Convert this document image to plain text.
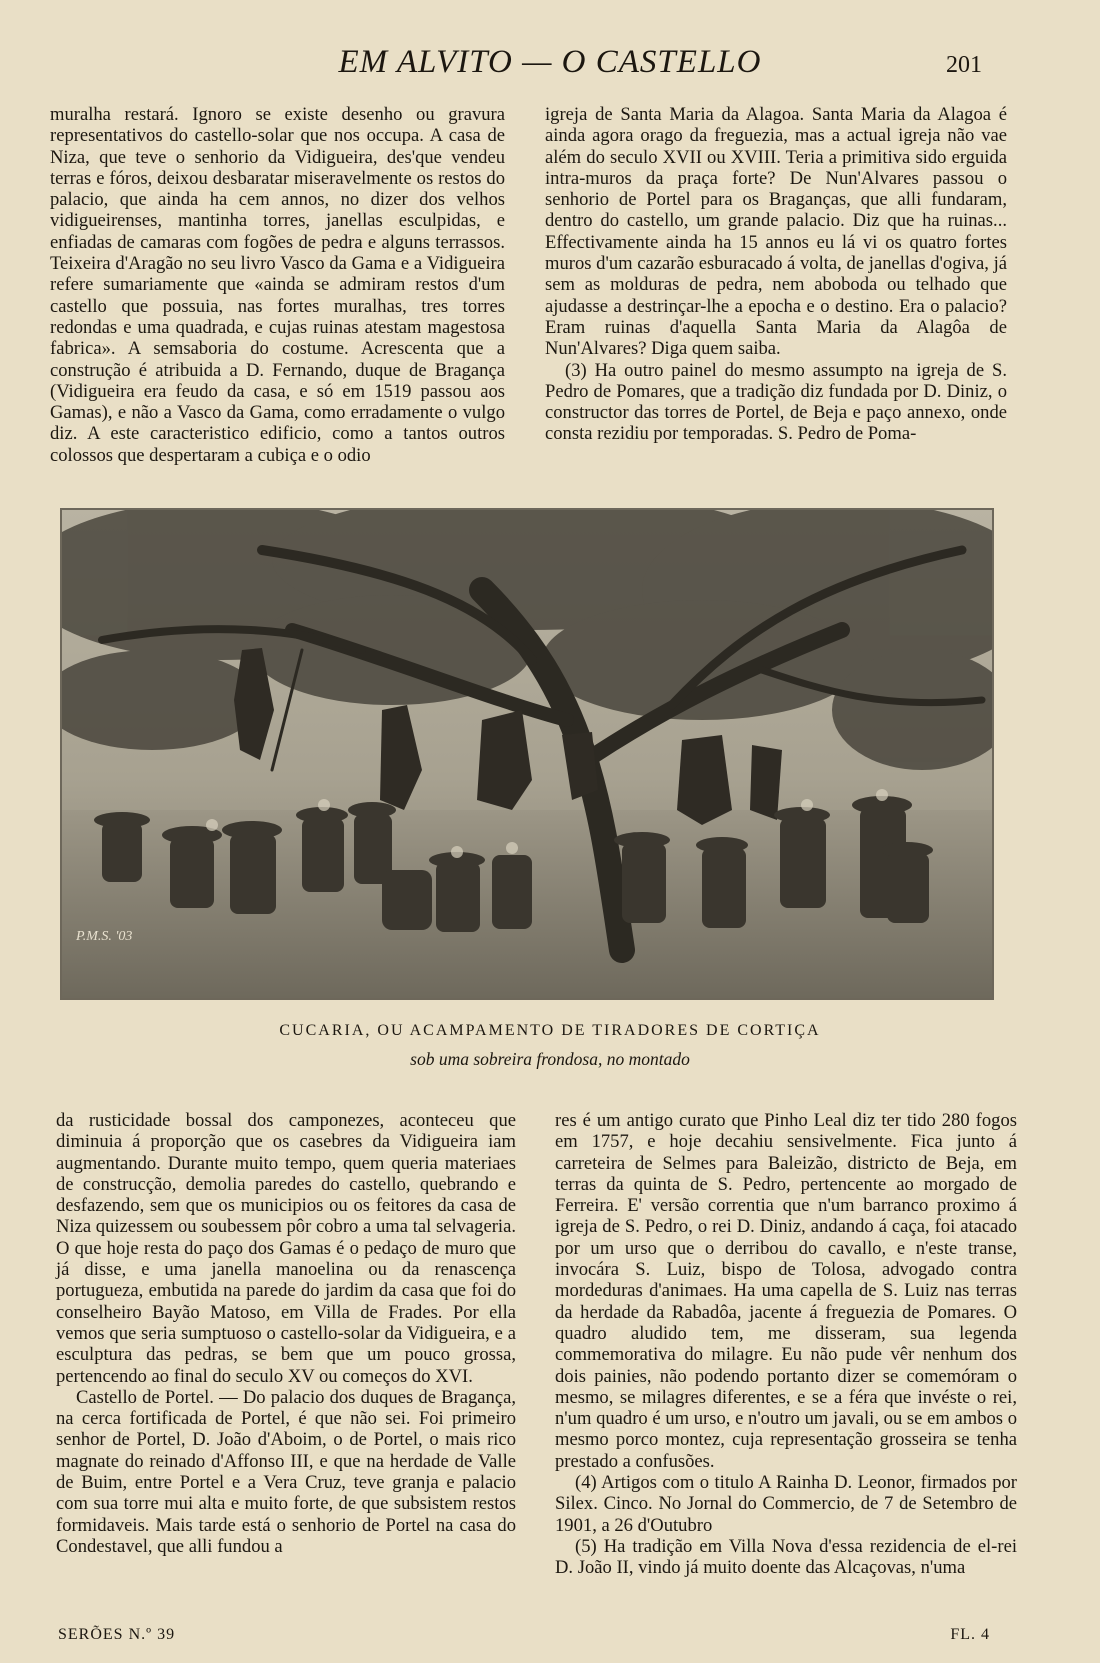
EM ALVITO — O CASTELLO	201

muralha restará. Ignoro se existe desenho ou gravura representativos do castello-solar que nos occupa. A casa de Niza, que teve o senhorio da Vidigueira, des'que vendeu terras e fóros, deixou desbaratar miseravelmente os restos do palacio, que ainda ha cem annos, no dizer dos velhos vidigueirenses, mantinha torres, janellas esculpidas, e enfiadas de camaras com fogões de pedra e alguns terrassos. Teixeira d'Aragão no seu livro Vasco da Gama e a Vidigueira refere sumariamente que «ainda se admiram restos d'um castello que possuia, nas fortes muralhas, tres torres redondas e uma quadrada, e cujas ruinas atestam magestosa fabrica». A semsaboria do costume. Acrescenta que a construção é atribuida a D. Fernando, duque de Bragança (Vidigueira era feudo da casa, e só em 1519 passou aos Gamas), e não a Vasco da Gama, como erradamente o vulgo diz. A este caracteristico edificio, como a tantos outros colossos que despertaram a cubiça e o odio

igreja de Santa Maria da Alagoa. Santa Maria da Alagoa é ainda agora orago da freguezia, mas a actual igreja não vae além do seculo XVII ou XVIII. Teria a primitiva sido erguida intra-muros da praça forte? De Nun'Alvares passou o senhorio de Portel para os Braganças, que alli fundaram, dentro do castello, um grande palacio. Diz que ha ruinas... Effectivamente ainda ha 15 annos eu lá vi os quatro fortes muros d'um cazarão esburacado á volta, de janellas d'ogiva, já sem as molduras de pedra, nem aboboda ou telhado que ajudasse a destrinçar-lhe a epocha e o destino. Era o palacio? Eram ruinas d'aquella Santa Maria da Alagôa de Nun'Alvares? Diga quem saiba.

(3) Ha outro painel do mesmo assumpto na igreja de S. Pedro de Pomares, que a tradição diz fundada por D. Diniz, o constructor das torres de Portel, de Beja e paço annexo, onde consta rezidiu por temporadas. S. Pedro de Poma-

P.M.S. '03
CUCARIA, OU ACAMPAMENTO DE TIRADORES DE CORTIÇA
sob uma sobreira frondosa, no montado

da rusticidade bossal dos camponezes, aconteceu que diminuia á proporção que os casebres da Vidigueira iam augmentando. Durante muito tempo, quem queria materiaes de construcção, demolia paredes do castello, quebrando e desfazendo, sem que os municipios ou os feitores da casa de Niza quizessem ou soubessem pôr cobro a uma tal selvageria. O que hoje resta do paço dos Gamas é o pedaço de muro que já disse, e uma janella manoelina ou da renascença portugueza, embutida na parede do jardim da casa que foi do conselheiro Bayão Matoso, em Villa de Frades. Por ella vemos que seria sumptuoso o castello-solar da Vidigueira, e a esculptura das pedras, se bem que um pouco grossa, pertencendo ao final do seculo XV ou começos do XVI.

Castello de Portel. — Do palacio dos duques de Bragança, na cerca fortificada de Portel, é que não sei. Foi primeiro senhor de Portel, D. João d'Aboim, o de Portel, o mais rico magnate do reinado d'Affonso III, e que na herdade de Valle de Buim, entre Portel e a Vera Cruz, teve granja e palacio com sua torre mui alta e muito forte, de que subsistem restos formidaveis. Mais tarde está o senhorio de Portel na casa do Condestavel, que alli fundou a

res é um antigo curato que Pinho Leal diz ter tido 280 fogos em 1757, e hoje decahiu sensivelmente. Fica junto á carreteira de Selmes para Baleizão, districto de Beja, em terras da quinta de S. Pedro, pertencente ao morgado de Ferreira. E' versão correntia que n'um barranco proximo á igreja de S. Pedro, o rei D. Diniz, andando á caça, foi atacado por um urso que o derribou do cavallo, e n'este transe, invocára S. Luiz, bispo de Tolosa, advogado contra mordeduras d'animaes. Ha uma capella de S. Luiz nas terras da herdade da Rabadôa, jacente á freguezia de Pomares. O quadro aludido tem, me disseram, sua legenda commemorativa do milagre. Eu não pude vêr nenhum dos dois painies, não podendo portanto dizer se comemóram o mesmo, se milagres diferentes, e se a féra que invéste o rei, n'um quadro é um urso, e n'outro um javali, ou se em ambos o mesmo porco montez, cuja representação grosseira se tenha prestado a confusões.

(4) Artigos com o titulo A Rainha D. Leonor, firmados por Silex. Cinco. No Jornal do Commercio, de 7 de Setembro de 1901, a 26 d'Outubro

(5) Ha tradição em Villa Nova d'essa rezidencia de el-rei D. João II, vindo já muito doente das Alcaçovas, n'uma

SERÕES N.º 39	FL. 4
